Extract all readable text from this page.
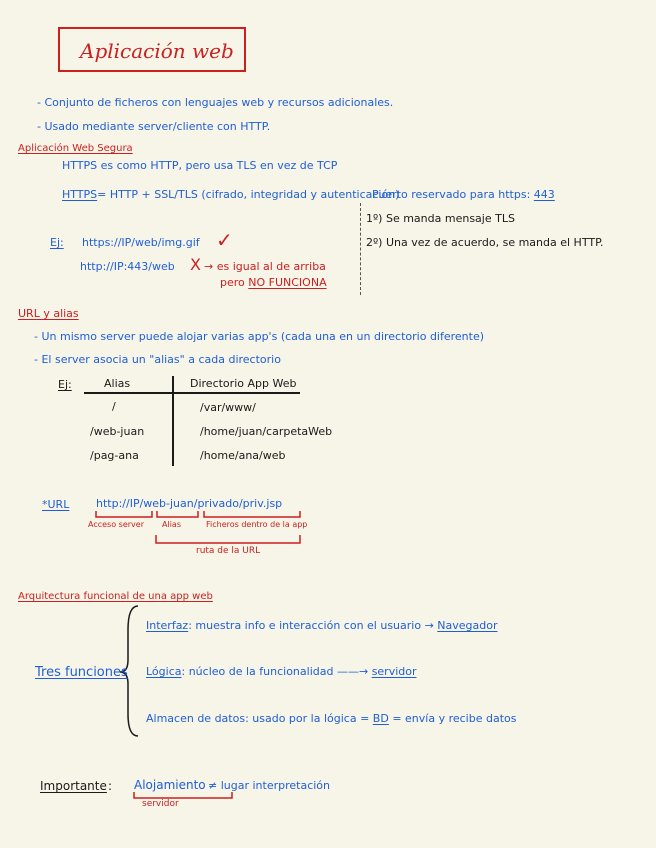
Aplicación web
- Conjunto de ficheros con lenguajes web y recursos adicionales.
- Usado mediante server/cliente con HTTP.
Aplicación Web Segura
HTTPS es como HTTP, pero usa TLS en vez de TCP
HTTPS= HTTP + SSL/TLS (cifrado, integridad y autenticación)
Puerto reservado para https: 443
1º) Se manda mensaje TLS
2º) Una vez de acuerdo, se manda el HTTP.
Ej: https://IP/web/img.gif ✓
http://IP:443/web X → es igual al de arriba
pero NO FUNCIONA
URL y alias
- Un mismo server puede alojar varias app's (cada una en un directorio diferente)
- El server asocia un "alias" a cada directorio
Ej:	Alias	Directorio App Web
/	/var/www/
/web-juan	/home/juan/carpetaWeb
/pag-ana	/home/ana/web
*URL http://IP/web-juan/privado/priv.jsp
Acceso server Alias	Ficheros dentro de la app
ruta de la URL
Arquitectura funcional de una app web
Tres funciones
Interfaz: muestra info e interacción con el usuario → Navegador
Lógica: núcleo de la funcionalidad ——→ servidor
Almacen de datos: usado por la lógica = BD = envía y recibe datos
Importante : Alojamiento ≠ lugar interpretación
servidor
